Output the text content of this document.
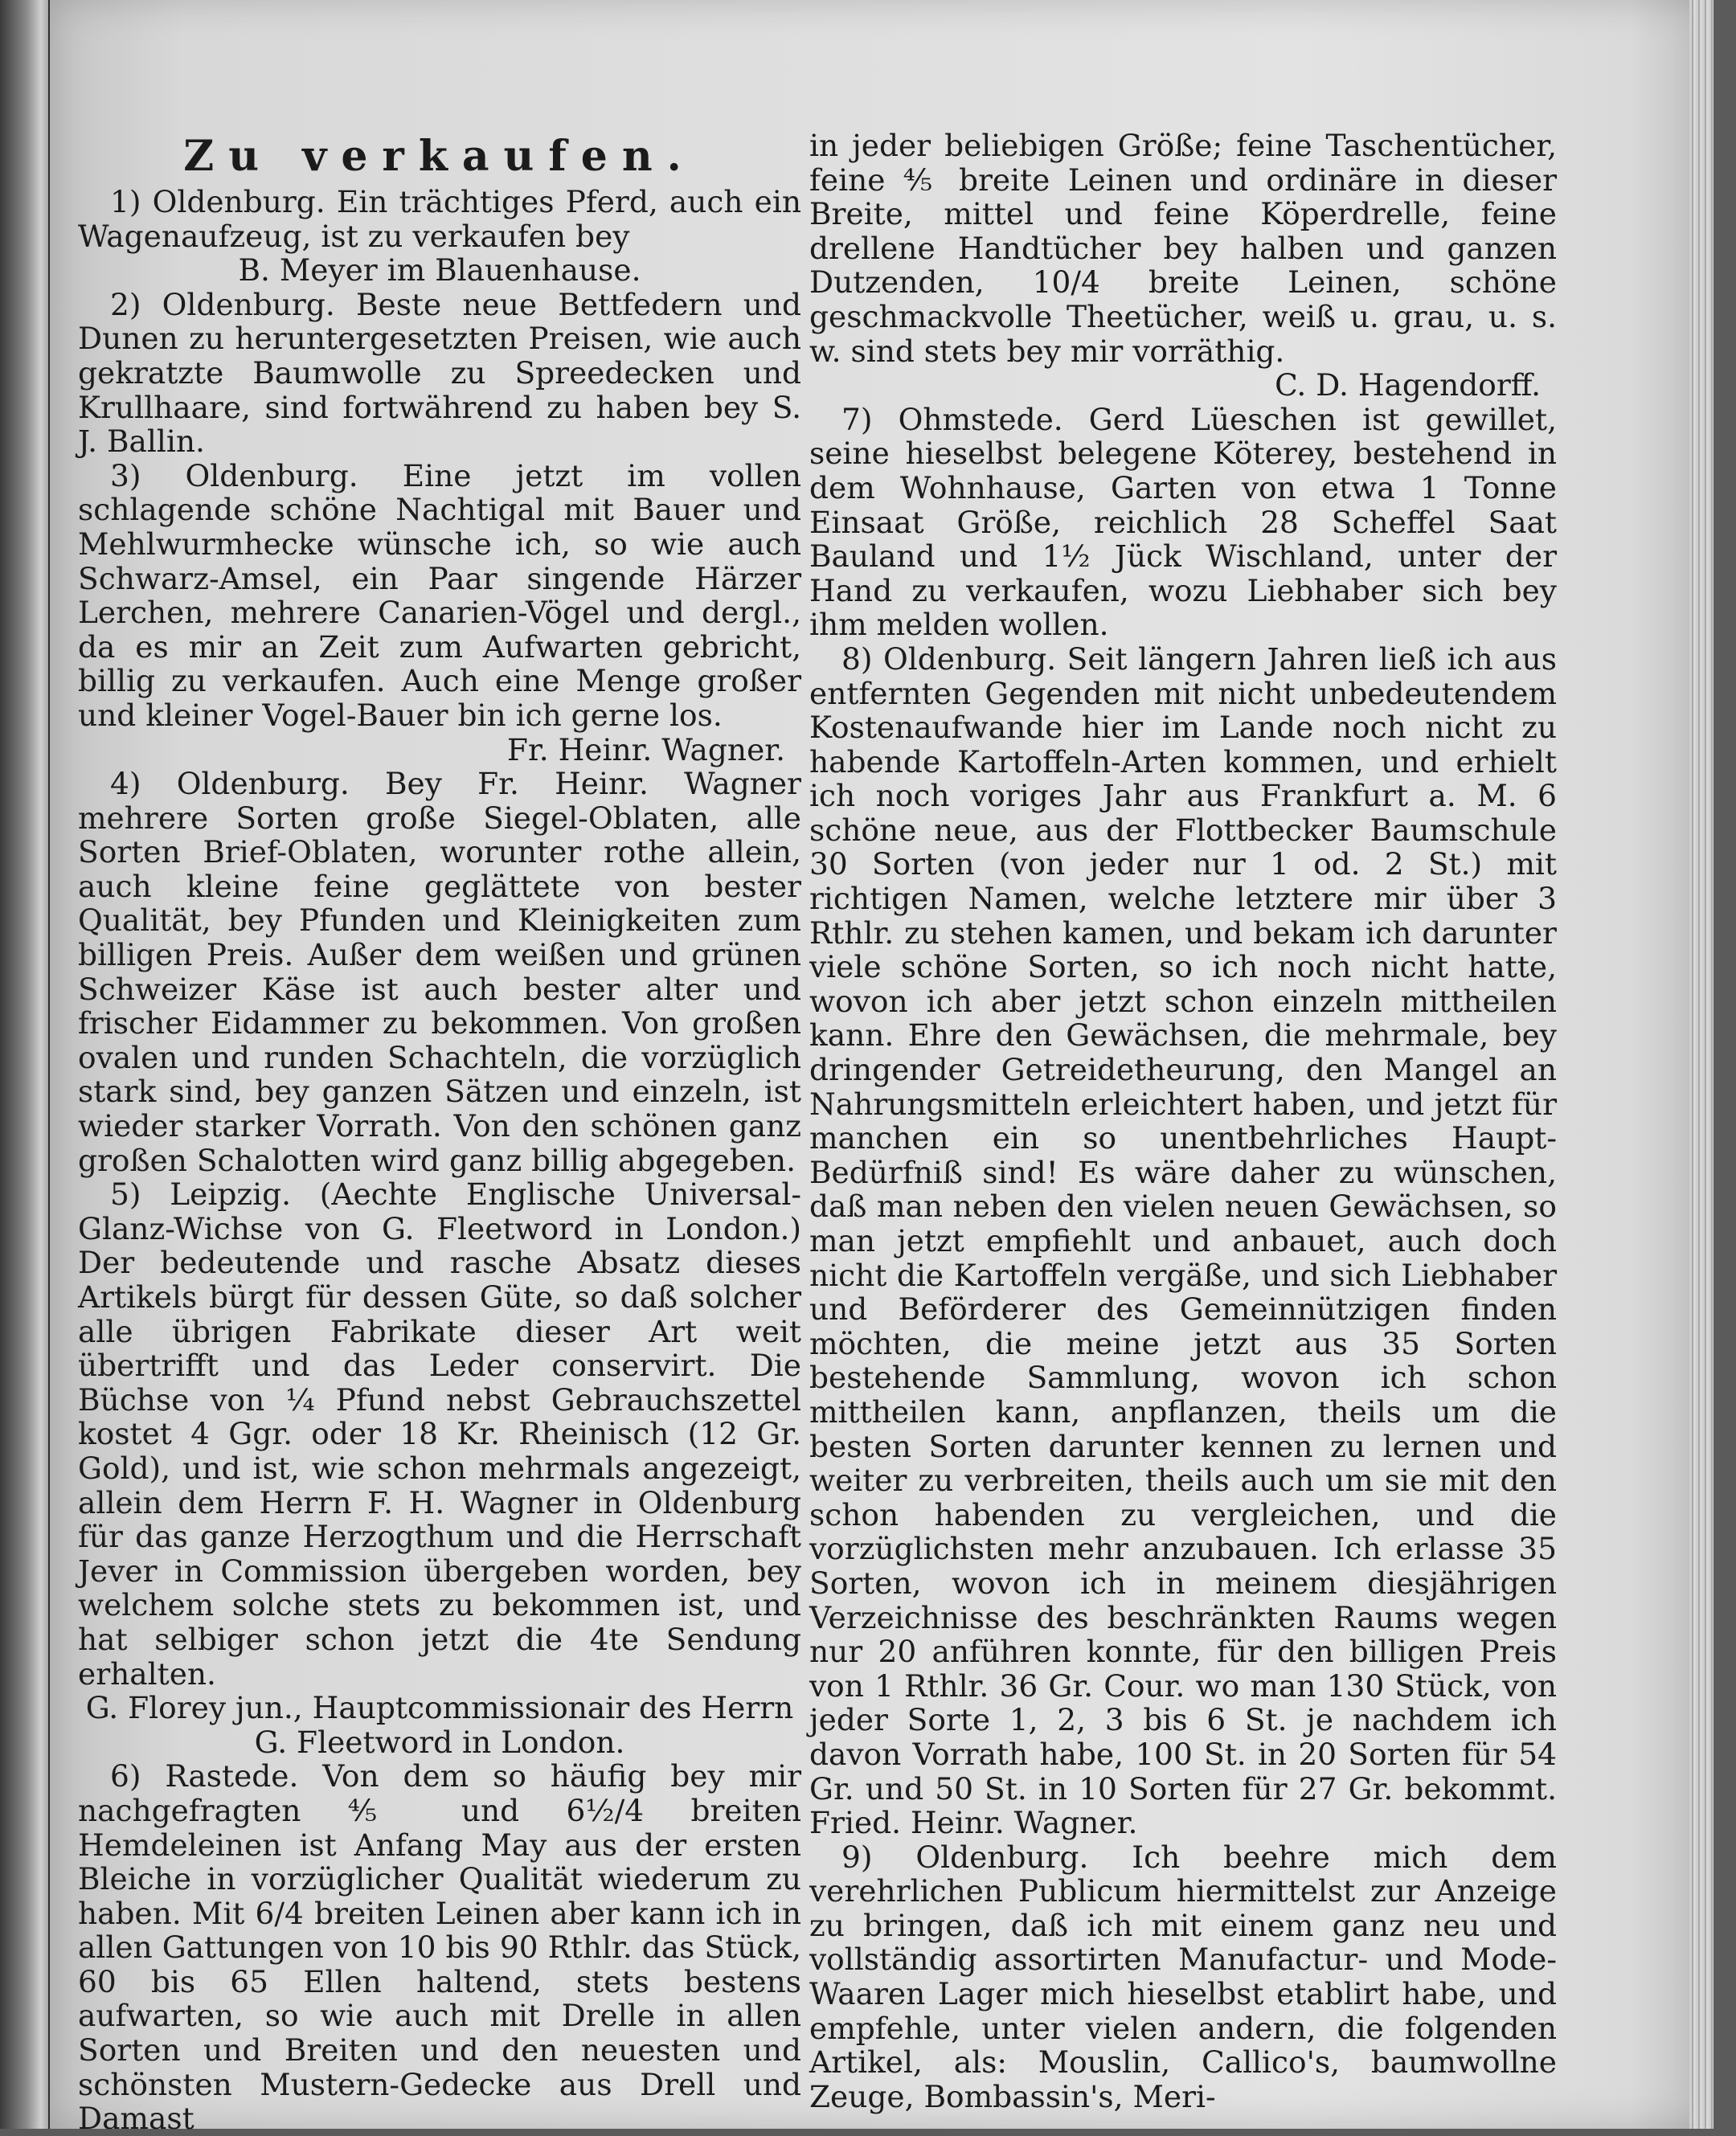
Zu verkaufen.

1) Oldenburg. Ein trächtiges Pferd, auch ein Wagenaufzeug, ist zu verkaufen bey

B. Meyer im Blauenhause.

2) Oldenburg. Beste neue Bettfedern und Dunen zu heruntergesetzten Preisen, wie auch gekratzte Baumwolle zu Spreedecken und Krullhaare, sind fortwährend zu haben bey S. J. Ballin.

3) Oldenburg. Eine jetzt im vollen schlagende schöne Nachtigal mit Bauer und Mehlwurmhecke wünsche ich, so wie auch Schwarz-Amsel, ein Paar singende Härzer Lerchen, mehrere Canarien-Vögel und dergl., da es mir an Zeit zum Aufwarten gebricht, billig zu verkaufen. Auch eine Menge großer und kleiner Vogel-Bauer bin ich gerne los.

Fr. Heinr. Wagner.

4) Oldenburg. Bey Fr. Heinr. Wagner mehrere Sorten große Siegel-Oblaten, alle Sorten Brief-Oblaten, worunter rothe allein, auch kleine feine geglättete von bester Qualität, bey Pfunden und Kleinigkeiten zum billigen Preis. Außer dem weißen und grünen Schweizer Käse ist auch bester alter und frischer Eidammer zu bekommen. Von großen ovalen und runden Schachteln, die vorzüglich stark sind, bey ganzen Sätzen und einzeln, ist wieder starker Vorrath. Von den schönen ganz großen Schalotten wird ganz billig abgegeben.

5) Leipzig. (Aechte Englische Universal-Glanz-Wichse von G. Fleetword in London.) Der bedeutende und rasche Absatz dieses Artikels bürgt für dessen Güte, so daß solcher alle übrigen Fabrikate dieser Art weit übertrifft und das Leder conservirt. Die Büchse von ¼ Pfund nebst Gebrauchszettel kostet 4 Ggr. oder 18 Kr. Rheinisch (12 Gr. Gold), und ist, wie schon mehrmals angezeigt, allein dem Herrn F. H. Wagner in Oldenburg für das ganze Herzogthum und die Herrschaft Jever in Commission übergeben worden, bey welchem solche stets zu bekommen ist, und hat selbiger schon jetzt die 4te Sendung erhalten.

G. Florey jun., Hauptcommissionair des Herrn G. Fleetword in London.

6) Rastede. Von dem so häufig bey mir nachgefragten ⅘ und 6½/4 breiten Hemdeleinen ist Anfang May aus der ersten Bleiche in vorzüglicher Qualität wiederum zu haben. Mit 6/4 breiten Leinen aber kann ich in allen Gattungen von 10 bis 90 Rthlr. das Stück, 60 bis 65 Ellen haltend, stets bestens aufwarten, so wie auch mit Drelle in allen Sorten und Breiten und den neuesten und schönsten Mustern-Gedecke aus Drell und Damast

in jeder beliebigen Größe; feine Taschentücher, feine ⅘ breite Leinen und ordinäre in dieser Breite, mittel und feine Köperdrelle, feine drellene Handtücher bey halben und ganzen Dutzenden, 10/4 breite Leinen, schöne geschmackvolle Theetücher, weiß u. grau, u. s. w. sind stets bey mir vorräthig.

C. D. Hagendorff.

7) Ohmstede. Gerd Lüeschen ist gewillet, seine hieselbst belegene Köterey, bestehend in dem Wohnhause, Garten von etwa 1 Tonne Einsaat Größe, reichlich 28 Scheffel Saat Bauland und 1½ Jück Wischland, unter der Hand zu verkaufen, wozu Liebhaber sich bey ihm melden wollen.

8) Oldenburg. Seit längern Jahren ließ ich aus entfernten Gegenden mit nicht unbedeutendem Kostenaufwande hier im Lande noch nicht zu habende Kartoffeln-Arten kommen, und erhielt ich noch voriges Jahr aus Frankfurt a. M. 6 schöne neue, aus der Flottbecker Baumschule 30 Sorten (von jeder nur 1 od. 2 St.) mit richtigen Namen, welche letztere mir über 3 Rthlr. zu stehen kamen, und bekam ich darunter viele schöne Sorten, so ich noch nicht hatte, wovon ich aber jetzt schon einzeln mittheilen kann. Ehre den Gewächsen, die mehrmale, bey dringender Getreidetheurung, den Mangel an Nahrungsmitteln erleichtert haben, und jetzt für manchen ein so unentbehrliches Haupt-Bedürfniß sind! Es wäre daher zu wünschen, daß man neben den vielen neuen Gewächsen, so man jetzt empfiehlt und anbauet, auch doch nicht die Kartoffeln vergäße, und sich Liebhaber und Beförderer des Gemeinnützigen finden möchten, die meine jetzt aus 35 Sorten bestehende Sammlung, wovon ich schon mittheilen kann, anpflanzen, theils um die besten Sorten darunter kennen zu lernen und weiter zu verbreiten, theils auch um sie mit den schon habenden zu vergleichen, und die vorzüglichsten mehr anzubauen. Ich erlasse 35 Sorten, wovon ich in meinem diesjährigen Verzeichnisse des beschränkten Raums wegen nur 20 anführen konnte, für den billigen Preis von 1 Rthlr. 36 Gr. Cour. wo man 130 Stück, von jeder Sorte 1, 2, 3 bis 6 St. je nachdem ich davon Vorrath habe, 100 St. in 20 Sorten für 54 Gr. und 50 St. in 10 Sorten für 27 Gr. bekommt. Fried. Heinr. Wagner.

9) Oldenburg. Ich beehre mich dem verehrlichen Publicum hiermittelst zur Anzeige zu bringen, daß ich mit einem ganz neu und vollständig assortirten Manufactur- und Mode-Waaren Lager mich hieselbst etablirt habe, und empfehle, unter vielen andern, die folgenden Artikel, als: Mouslin, Callico's, baumwollne Zeuge, Bombassin's, Meri-
